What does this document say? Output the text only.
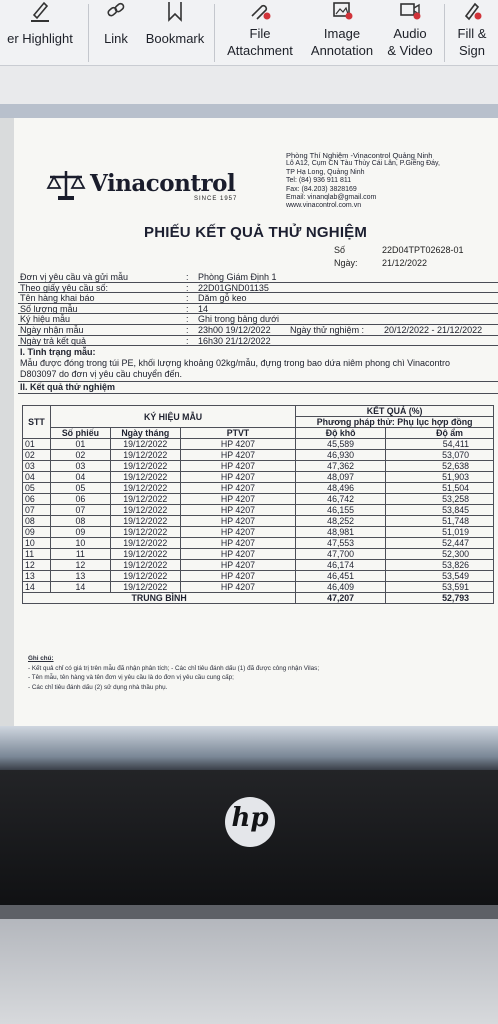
er Highlight	Link	Bookmark	File
Attachment
Image
Annotation
Audio
& Video
Fill &
Sign
Vinacontrol
SINCE 1957
Phòng Thí Nghiệm -Vinacontrol Quảng Ninh
Lô A12, Cụm CN Tàu Thủy Cái Lân, P.Giếng Đáy,
TP Hạ Long, Quảng Ninh
Tel: (84) 936 911 811
Fax: (84.203) 3828169
Email: vinanqlab@gmail.com
www.vinacontrol.com.vn
PHIẾU KẾT QUẢ THỬ NGHIỆM
Số	22D04TPT02628-01
Ngày:	21/12/2022
Đơn vị yêu cầu và gửi mẫu	: Phòng Giám Định 1
Theo giấy yêu cầu số:	: 22D01GND01135
Tên hàng khai báo	: Dăm gỗ keo
Số lượng mẫu	: 14
Ký hiệu mẫu	: Ghi trong bảng dưới
Ngày nhận mẫu	: 23h00 19/12/2022 Ngày thử nghiệm : 20/12/2022 - 21/12/2022
Ngày trả kết quả	: 16h30 21/12/2022
I. Tình trạng mẫu:
Mẫu được đóng trong túi PE, khối lượng khoảng 02kg/mẫu, đựng trong bao dứa niêm phong chì Vinacontro
D803097 do đơn vị yêu cầu chuyển đến.
II. Kết quả thử nghiệm
STT	KÝ HIỆU MẪU			KẾT QUẢ (%)	
				Phương pháp thử: Phụ lục hợp đồng	
	Số phiếu	Ngày tháng	PTVT	Độ khô	Độ ẩm
01	01	19/12/2022	HP 4207	45,589	54,411
02	02	19/12/2022	HP 4207	46,930	53,070
03	03	19/12/2022	HP 4207	47,362	52,638
04	04	19/12/2022	HP 4207	48,097	51,903
05	05	19/12/2022	HP 4207	48,496	51,504
06	06	19/12/2022	HP 4207	46,742	53,258
07	07	19/12/2022	HP 4207	46,155	53,845
08	08	19/12/2022	HP 4207	48,252	51,748
09	09	19/12/2022	HP 4207	48,981	51,019
10	10	19/12/2022	HP 4207	47,553	52,447
11	11	19/12/2022	HP 4207	47,700	52,300
12	12	19/12/2022	HP 4207	46,174	53,826
13	13	19/12/2022	HP 4207	46,451	53,549
14	14	19/12/2022	HP 4207	46,409	53,591
TRUNG BÌNH				47,207	52,793
Ghi chú:
- Kết quả chỉ có giá trị trên mẫu đã nhận phân tích; - Các chỉ tiêu đánh dấu (1) đã được công nhận Vilas;
- Tên mẫu, tên hàng và tên đơn vị yêu cầu là do đơn vị yêu cầu cung cấp;
- Các chỉ tiêu đánh dấu (2) sử dụng nhà thầu phụ.
hp
